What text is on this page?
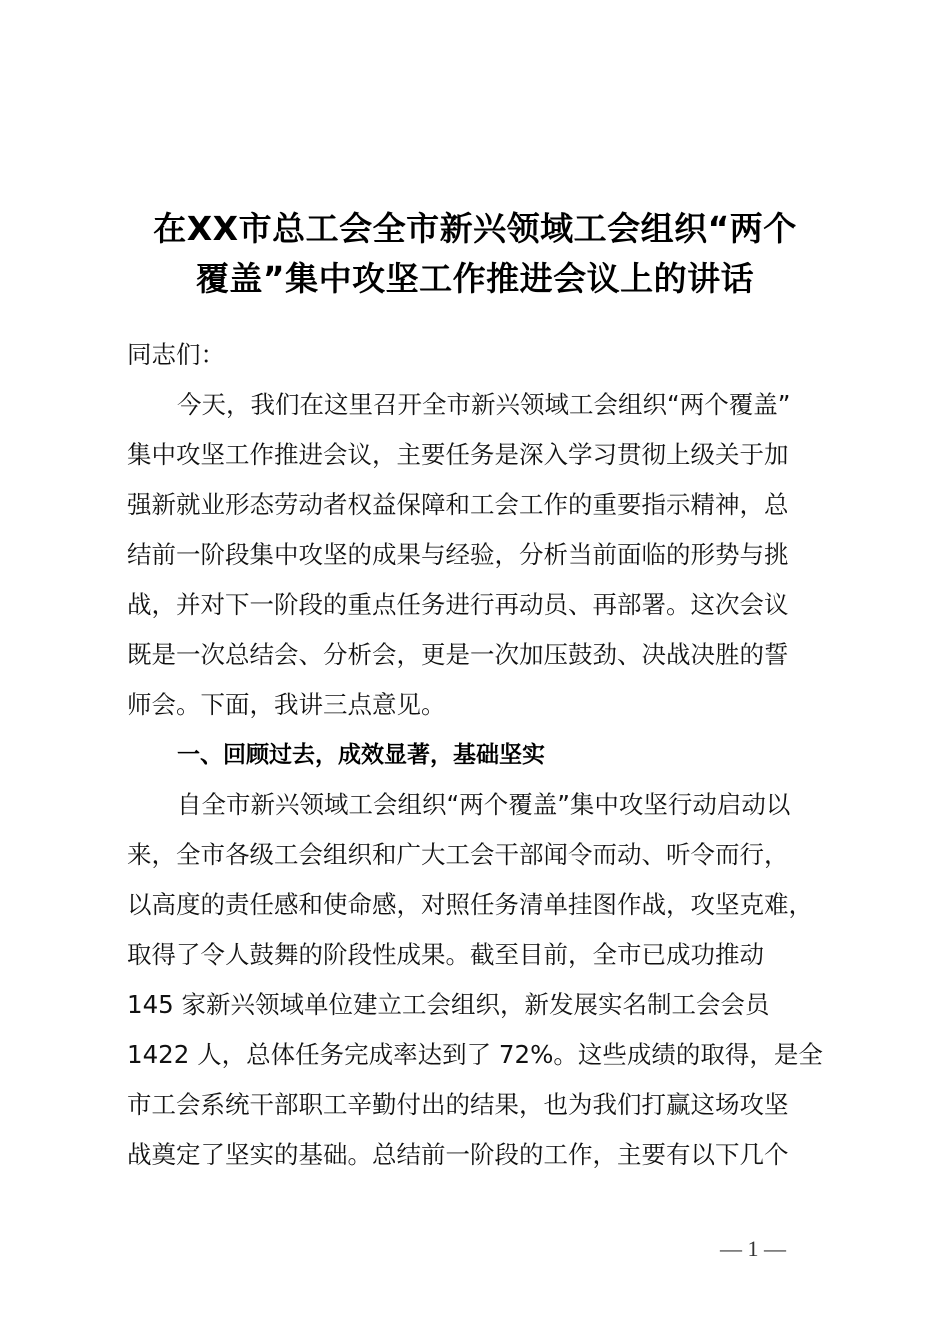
在XX市总工会全市新兴领域工会组织“两个
覆盖”集中攻坚工作推进会议上的讲话
同志们：
今天，我们在这里召开全市新兴领域工会组织“两个覆盖”
集中攻坚工作推进会议，主要任务是深入学习贯彻上级关于加
强新就业形态劳动者权益保障和工会工作的重要指示精神，总
结前一阶段集中攻坚的成果与经验，分析当前面临的形势与挑
战，并对下一阶段的重点任务进行再动员、再部署。这次会议
既是一次总结会、分析会，更是一次加压鼓劲、决战决胜的誓
师会。下面，我讲三点意见。
一、回顾过去，成效显著，基础坚实
自全市新兴领域工会组织“两个覆盖”集中攻坚行动启动以
来，全市各级工会组织和广大工会干部闻令而动、听令而行，
以高度的责任感和使命感，对照任务清单挂图作战，攻坚克难，
取得了令人鼓舞的阶段性成果。截至目前，全市已成功推动
145 家新兴领域单位建立工会组织，新发展实名制工会会员
1422 人，总体任务完成率达到了 72%。这些成绩的取得，是全
市工会系统干部职工辛勤付出的结果，也为我们打赢这场攻坚
战奠定了坚实的基础。总结前一阶段的工作，主要有以下几个
— 1 —
